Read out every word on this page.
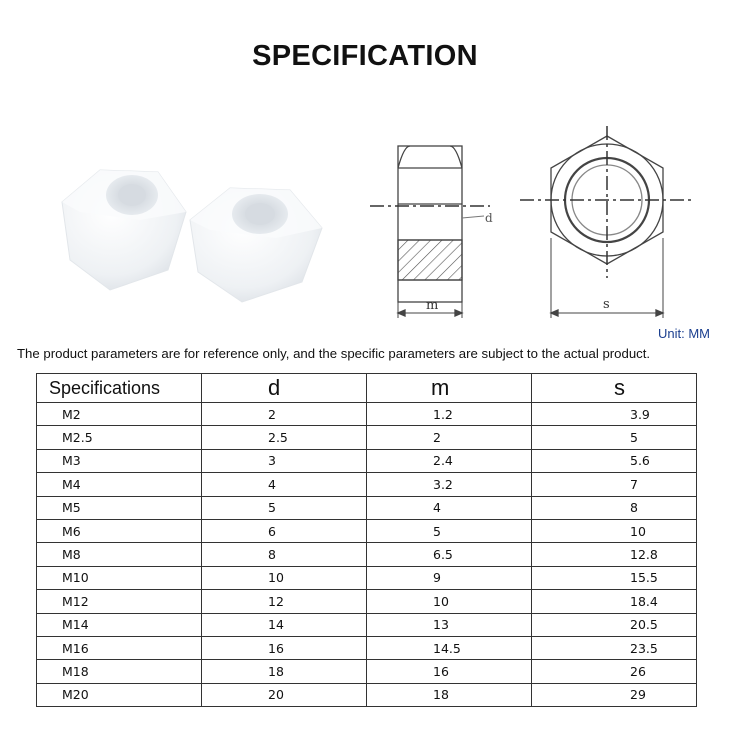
SPECIFICATION
d
m	s
Unit: MM
The product parameters are for reference only, and the specific parameters are subject to the actual product.
Specifications	d	m	s
M2	2	1.2	3.9
M2.5	2.5	2	5
M3	3	2.4	5.6
M4	4	3.2	7
M5	5	4	8
M6	6	5	10
M8	8	6.5	12.8
M10	10	9	15.5
M12	12	10	18.4
M14	14	13	20.5
M16	16	14.5	23.5
M18	18	16	26
M20	20	18	29
